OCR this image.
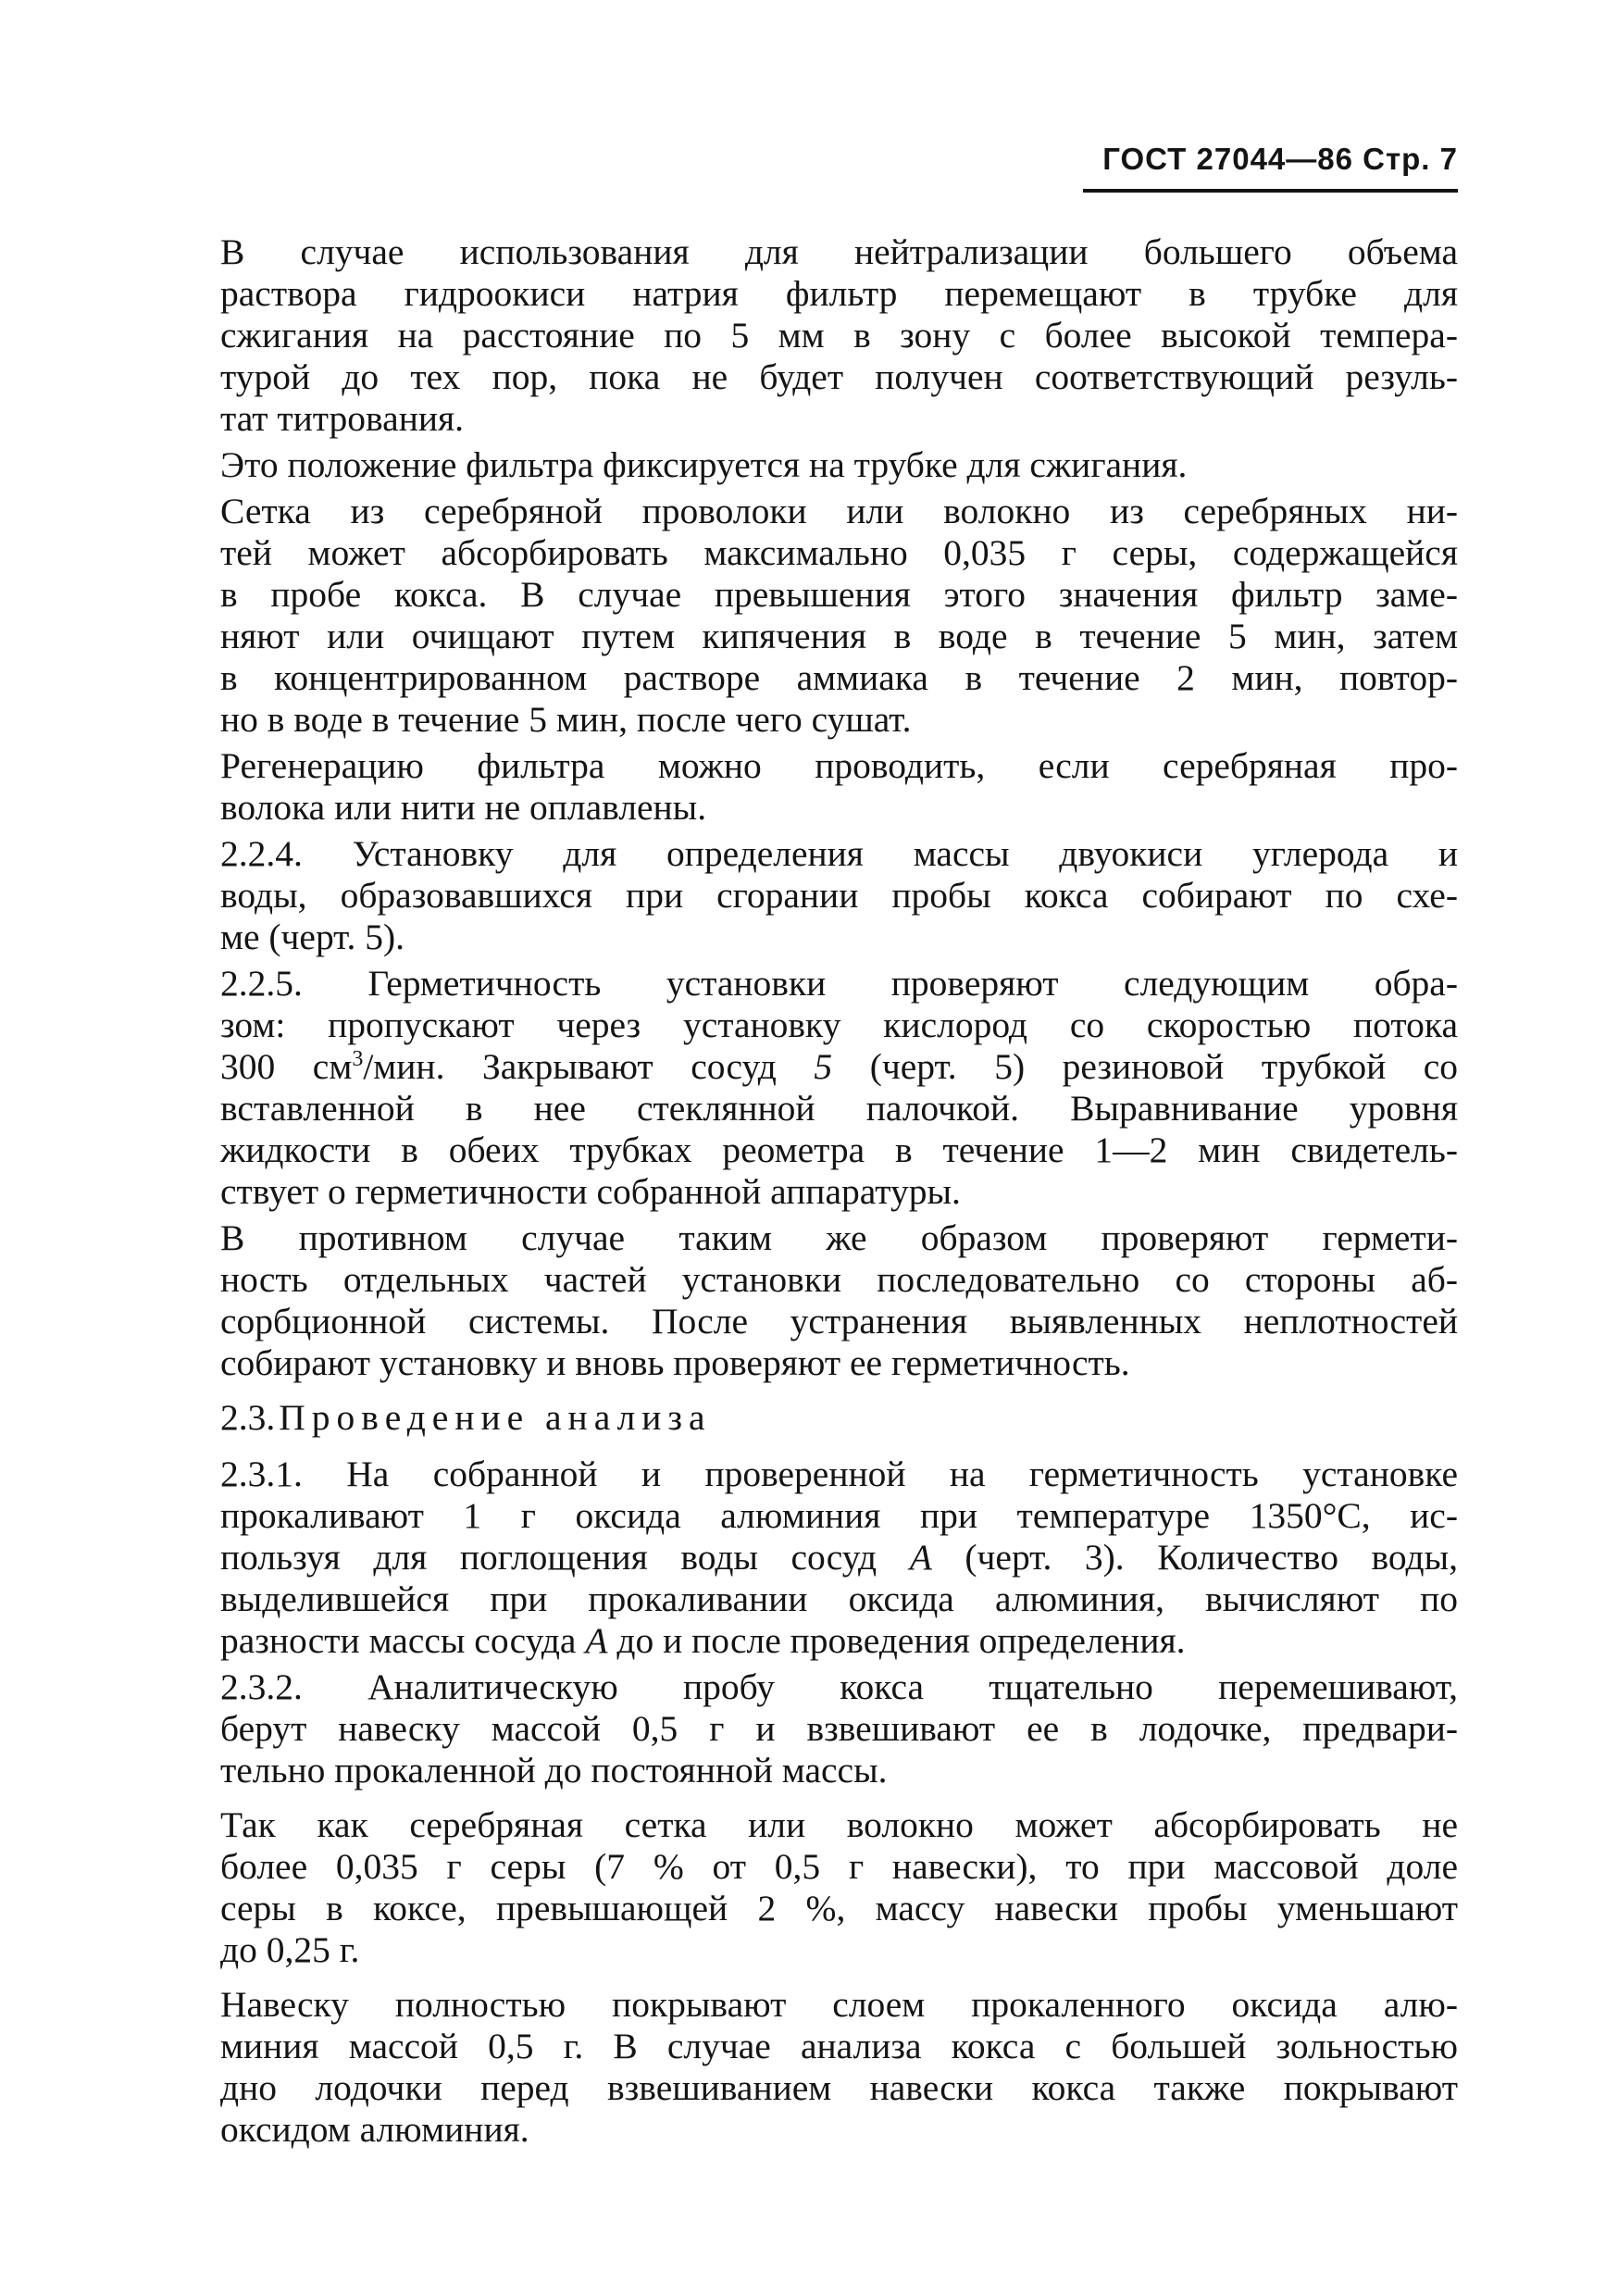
ГОСТ 27044—86 Стр. 7
В случае использования для нейтрализации большего объема
раствора гидроокиси натрия фильтр перемещают в трубке для
сжигания на расстояние по 5 мм в зону с более высокой темпера-
турой до тех пор, пока не будет получен соответствующий резуль-
тат титрования.
Это положение фильтра фиксируется на трубке для сжигания.
Сетка из серебряной проволоки или волокно из серебряных ни-
тей может абсорбировать максимально 0,035 г серы, содержащейся
в пробе кокса. В случае превышения этого значения фильтр заме-
няют или очищают путем кипячения в воде в течение 5 мин, затем
в концентрированном растворе аммиака в течение 2 мин, повтор-
но в воде в течение 5 мин, после чего сушат.
Регенерацию фильтра можно проводить, если серебряная про-
волока или нити не оплавлены.
2.2.4. Установку для определения массы двуокиси углерода и
воды, образовавшихся при сгорании пробы кокса собирают по схе-
ме (черт. 5).
2.2.5. Герметичность установки проверяют следующим обра-
зом: пропускают через установку кислород со скоростью потока
300 $см^3$/мин. Закрывают сосуд 5 (черт. 5) резиновой трубкой со
вставленной в нее стеклянной палочкой. Выравнивание уровня
жидкости в обеих трубках реометра в течение 1—2 мин свидетель-
ствует о герметичности собранной аппаратуры.
В противном случае таким же образом проверяют гермети-
ность отдельных частей установки последовательно со стороны аб-
сорбционной системы. После устранения выявленных неплотностей
собирают установку и вновь проверяют ее герметичность.
2.3. Проведение анализа
2.3.1. На собранной и проверенной на герметичность установке
прокаливают 1 г оксида алюминия при температуре 1350°С, ис-
пользуя для поглощения воды сосуд А (черт. 3). Количество воды,
выделившейся при прокаливании оксида алюминия, вычисляют по
разности массы сосуда А до и после проведения определения.
2.3.2. Аналитическую пробу кокса тщательно перемешивают,
берут навеску массой 0,5 г и взвешивают ее в лодочке, предвари-
тельно прокаленной до постоянной массы.
Так как серебряная сетка или волокно может абсорбировать не
более 0,035 г серы (7 % от 0,5 г навески), то при массовой доле
серы в коксе, превышающей 2 %, массу навески пробы уменьшают
до 0,25 г.
Навеску полностью покрывают слоем прокаленного оксида алю-
миния массой 0,5 г. В случае анализа кокса с большей зольностью
дно лодочки перед взвешиванием навески кокса также покрывают
оксидом алюминия.
